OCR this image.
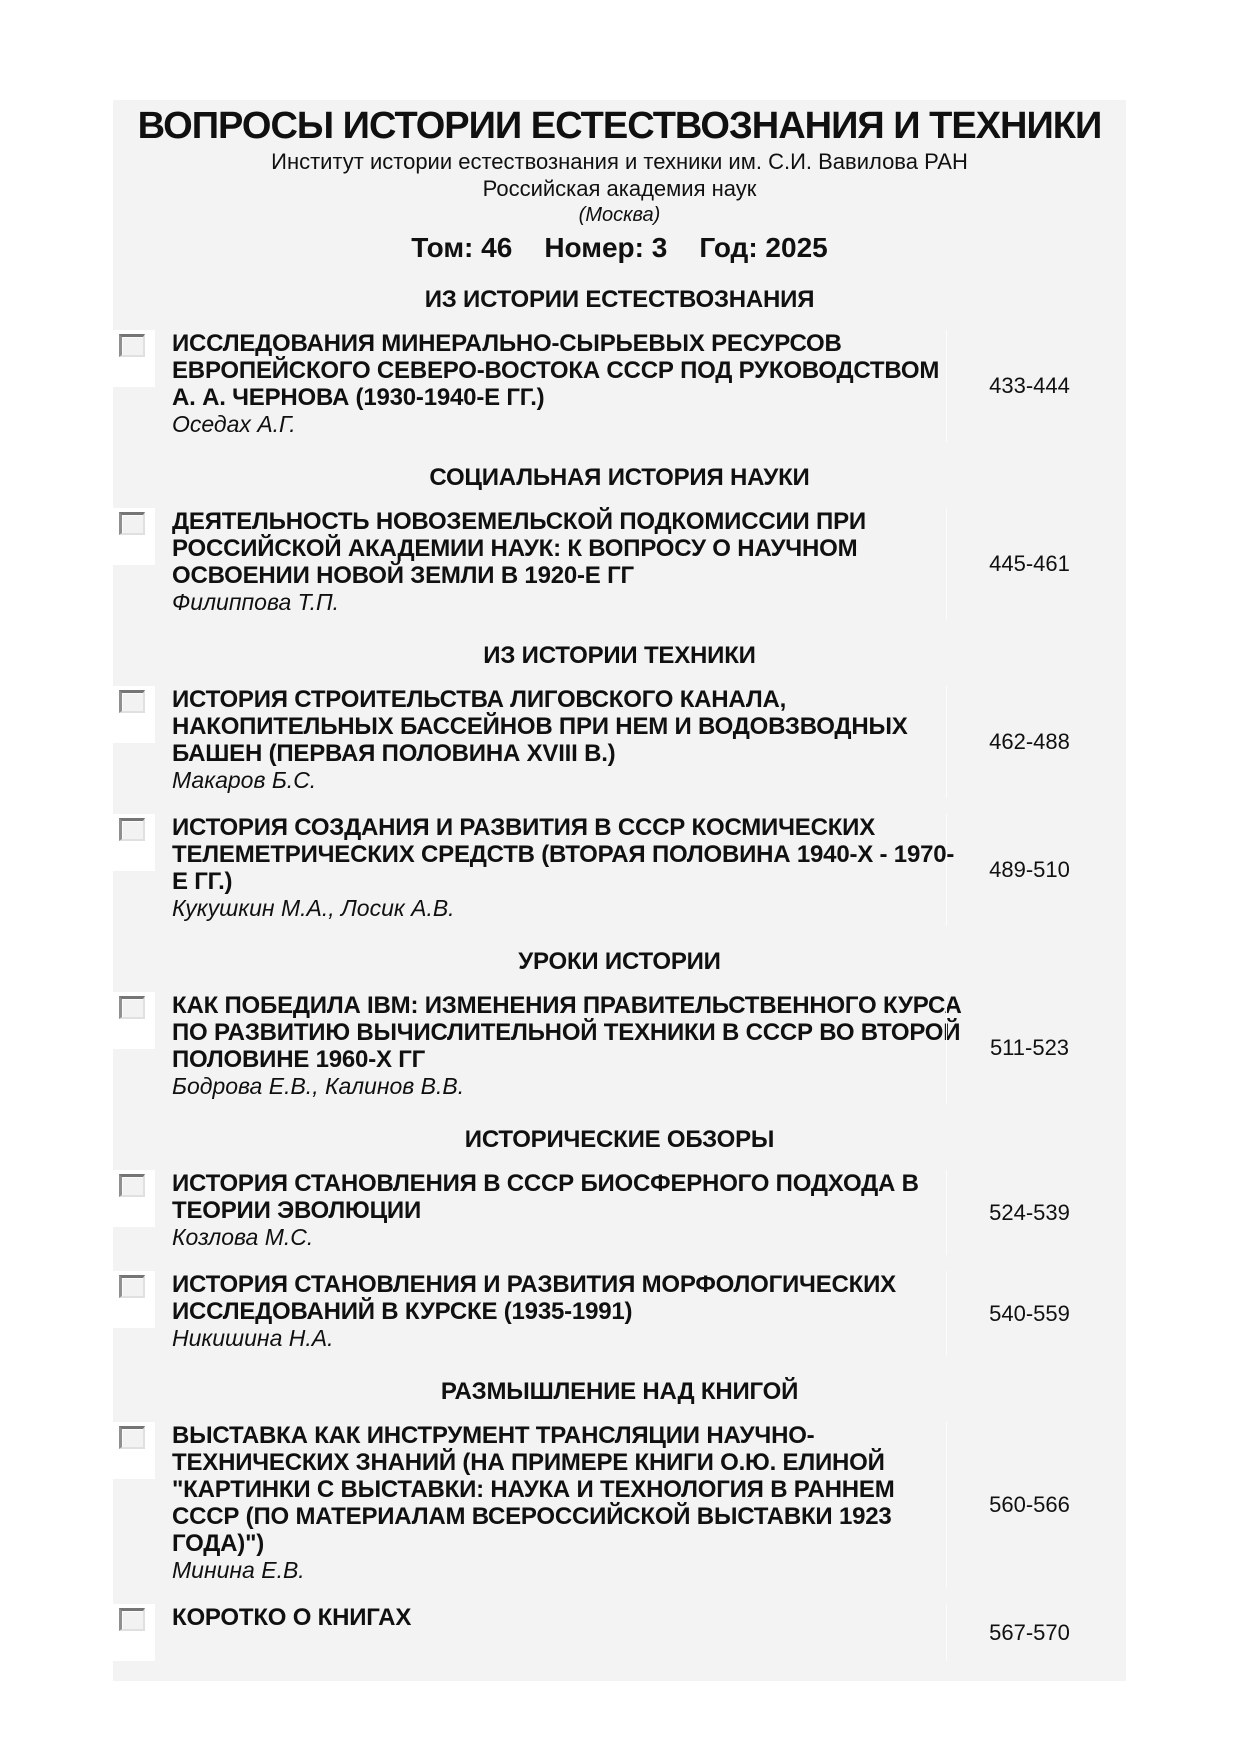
ВОПРОСЫ ИСТОРИИ ЕСТЕСТВОЗНАНИЯ И ТЕХНИКИ
Институт истории естествознания и техники им. С.И. Вавилова РАН
Российская академия наук
(Москва)
Том: 46 Номер: 3 Год: 2025
ИЗ ИСТОРИИ ЕСТЕСТВОЗНАНИЯ
ИССЛЕДОВАНИЯ МИНЕРАЛЬНО-СЫРЬЕВЫХ РЕСУРСОВ
ЕВРОПЕЙСКОГО СЕВЕРО-ВОСТОКА СССР ПОД РУКОВОДСТВОМ
А. А. ЧЕРНОВА (1930-1940-Е ГГ.)
Оседах А.Г.
433-444
СОЦИАЛЬНАЯ ИСТОРИЯ НАУКИ
ДЕЯТЕЛЬНОСТЬ НОВОЗЕМЕЛЬСКОЙ ПОДКОМИССИИ ПРИ
РОССИЙСКОЙ АКАДЕМИИ НАУК: К ВОПРОСУ О НАУЧНОМ
ОСВОЕНИИ НОВОЙ ЗЕМЛИ В 1920-Е ГГ
Филиппова Т.П.
445-461
ИЗ ИСТОРИИ ТЕХНИКИ
ИСТОРИЯ СТРОИТЕЛЬСТВА ЛИГОВСКОГО КАНАЛА,
НАКОПИТЕЛЬНЫХ БАССЕЙНОВ ПРИ НЕМ И ВОДОВЗВОДНЫХ
БАШЕН (ПЕРВАЯ ПОЛОВИНА XVIII В.)
Макаров Б.С.
462-488
ИСТОРИЯ СОЗДАНИЯ И РАЗВИТИЯ В СССР КОСМИЧЕСКИХ
ТЕЛЕМЕТРИЧЕСКИХ СРЕДСТВ (ВТОРАЯ ПОЛОВИНА 1940-Х - 1970-
Е ГГ.)
Кукушкин М.А., Лосик А.В.
489-510
УРОКИ ИСТОРИИ
КАК ПОБЕДИЛА IBM: ИЗМЕНЕНИЯ ПРАВИТЕЛЬСТВЕННОГО КУРСА
ПО РАЗВИТИЮ ВЫЧИСЛИТЕЛЬНОЙ ТЕХНИКИ В СССР ВО ВТОРОЙ
ПОЛОВИНЕ 1960-Х ГГ
Бодрова Е.В., Калинов В.В.
511-523
ИСТОРИЧЕСКИЕ ОБЗОРЫ
ИСТОРИЯ СТАНОВЛЕНИЯ В СССР БИОСФЕРНОГО ПОДХОДА В
ТЕОРИИ ЭВОЛЮЦИИ
Козлова М.С.
524-539
ИСТОРИЯ СТАНОВЛЕНИЯ И РАЗВИТИЯ МОРФОЛОГИЧЕСКИХ
ИССЛЕДОВАНИЙ В КУРСКЕ (1935-1991)
Никишина Н.А.
540-559
РАЗМЫШЛЕНИЕ НАД КНИГОЙ
ВЫСТАВКА КАК ИНСТРУМЕНТ ТРАНСЛЯЦИИ НАУЧНО-
ТЕХНИЧЕСКИХ ЗНАНИЙ (НА ПРИМЕРЕ КНИГИ О.Ю. ЕЛИНОЙ
"КАРТИНКИ С ВЫСТАВКИ: НАУКА И ТЕХНОЛОГИЯ В РАННЕМ
СССР (ПО МАТЕРИАЛАМ ВСЕРОССИЙСКОЙ ВЫСТАВКИ 1923
ГОДА)")
Минина Е.В.
560-566
КОРОТКО О КНИГАХ
567-570
